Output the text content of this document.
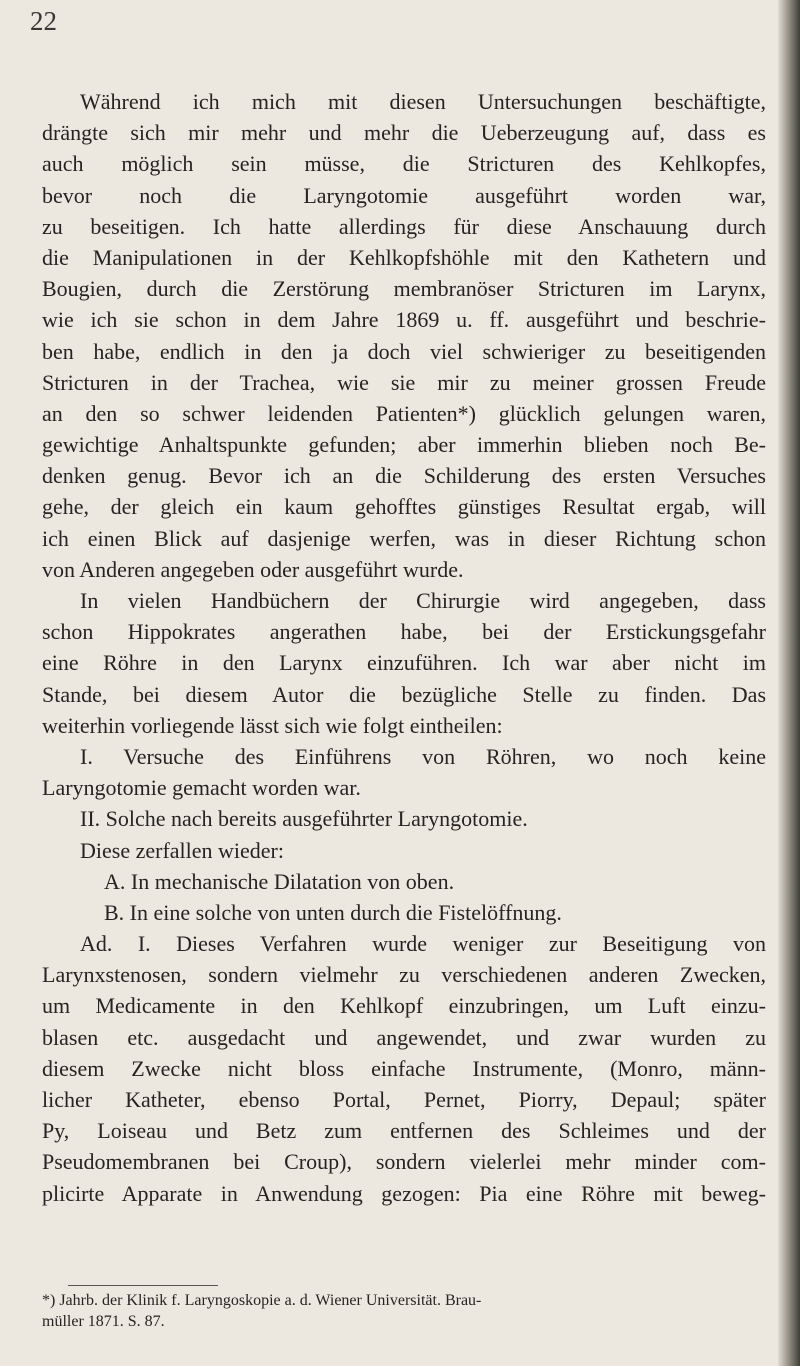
22
Während ich mich mit diesen Untersuchungen beschäftigte,
drängte sich mir mehr und mehr die Ueberzeugung auf, dass es
auch möglich sein müsse, die Stricturen des Kehlkopfes,
bevor noch die Laryngotomie ausgeführt worden war,
zu beseitigen. Ich hatte allerdings für diese Anschauung durch
die Manipulationen in der Kehlkopfshöhle mit den Kathetern und
Bougien, durch die Zerstörung membranöser Stricturen im Larynx,
wie ich sie schon in dem Jahre 1869 u. ff. ausgeführt und beschrie-
ben habe, endlich in den ja doch viel schwieriger zu beseitigenden
Stricturen in der Trachea, wie sie mir zu meiner grossen Freude
an den so schwer leidenden Patienten*) glücklich gelungen waren,
gewichtige Anhaltspunkte gefunden; aber immerhin blieben noch Be-
denken genug. Bevor ich an die Schilderung des ersten Versuches
gehe, der gleich ein kaum gehofftes günstiges Resultat ergab, will
ich einen Blick auf dasjenige werfen, was in dieser Richtung schon
von Anderen angegeben oder ausgeführt wurde.
In vielen Handbüchern der Chirurgie wird angegeben, dass
schon Hippokrates angerathen habe, bei der Erstickungsgefahr
eine Röhre in den Larynx einzuführen. Ich war aber nicht im
Stande, bei diesem Autor die bezügliche Stelle zu finden. Das
weiterhin vorliegende lässt sich wie folgt eintheilen:
I. Versuche des Einführens von Röhren, wo noch keine
Laryngotomie gemacht worden war.
II. Solche nach bereits ausgeführter Laryngotomie.
Diese zerfallen wieder:
A. In mechanische Dilatation von oben.
B. In eine solche von unten durch die Fistelöffnung.
Ad. I. Dieses Verfahren wurde weniger zur Beseitigung von
Larynxstenosen, sondern vielmehr zu verschiedenen anderen Zwecken,
um Medicamente in den Kehlkopf einzubringen, um Luft einzu-
blasen etc. ausgedacht und angewendet, und zwar wurden zu
diesem Zwecke nicht bloss einfache Instrumente, (Monro, männ-
licher Katheter, ebenso Portal, Pernet, Piorry, Depaul; später
Py, Loiseau und Betz zum entfernen des Schleimes und der
Pseudomembranen bei Croup), sondern vielerlei mehr minder com-
plicirte Apparate in Anwendung gezogen: Pia eine Röhre mit beweg-
*) Jahrb. der Klinik f. Laryngoskopie a. d. Wiener Universität. Brau-
müller 1871. S. 87.
